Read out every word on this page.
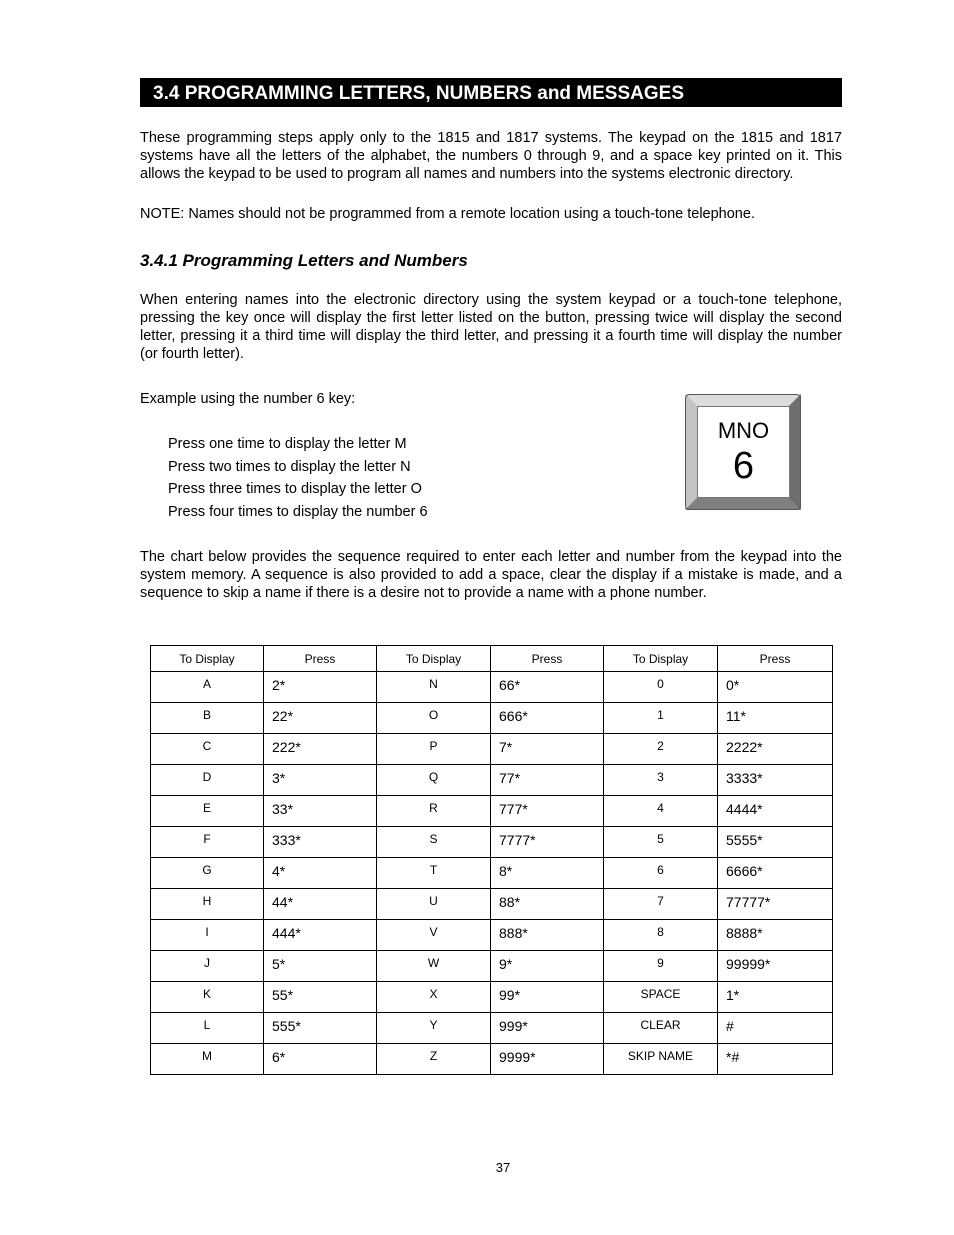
3.4 PROGRAMMING LETTERS, NUMBERS and MESSAGES

These programming steps apply only to the 1815 and 1817 systems. The keypad on the 1815 and 1817 systems have all the letters of the alphabet, the numbers 0 through 9, and a space key printed on it. This allows the keypad to be used to program all names and numbers into the systems electronic directory.

NOTE: Names should not be programmed from a remote location using a touch-tone telephone.

3.4.1 Programming Letters and Numbers

When entering names into the electronic directory using the system keypad or a touch-tone telephone, pressing the key once will display the first letter listed on the button, pressing twice will display the second letter, pressing it a third time will display the third letter, and pressing it a fourth time will display the number (or fourth letter).

Example using the number 6 key:
Press one time to display the letter M
Press two times to display the letter N
Press three times to display the letter O
Press four times to display the number 6
MNO
6

The chart below provides the sequence required to enter each letter and number from the keypad into the system memory. A sequence is also provided to add a space, clear the display if a mistake is made, and a sequence to skip a name if there is a desire not to provide a name with a phone number.

To Display	Press	To Display	Press	To Display	Press
A	2*	N	66*	0	0*
B	22*	O	666*	1	11*
C	222*	P	7*	2	2222*
D	3*	Q	77*	3	3333*
E	33*	R	777*	4	4444*
F	333*	S	7777*	5	5555*
G	4*	T	8*	6	6666*
H	44*	U	88*	7	77777*
I	444*	V	888*	8	8888*
J	5*	W	9*	9	99999*
K	55*	X	99*	SPACE	1*
L	555*	Y	999*	CLEAR	#
M	6*	Z	9999*	SKIP NAME	*#
37
